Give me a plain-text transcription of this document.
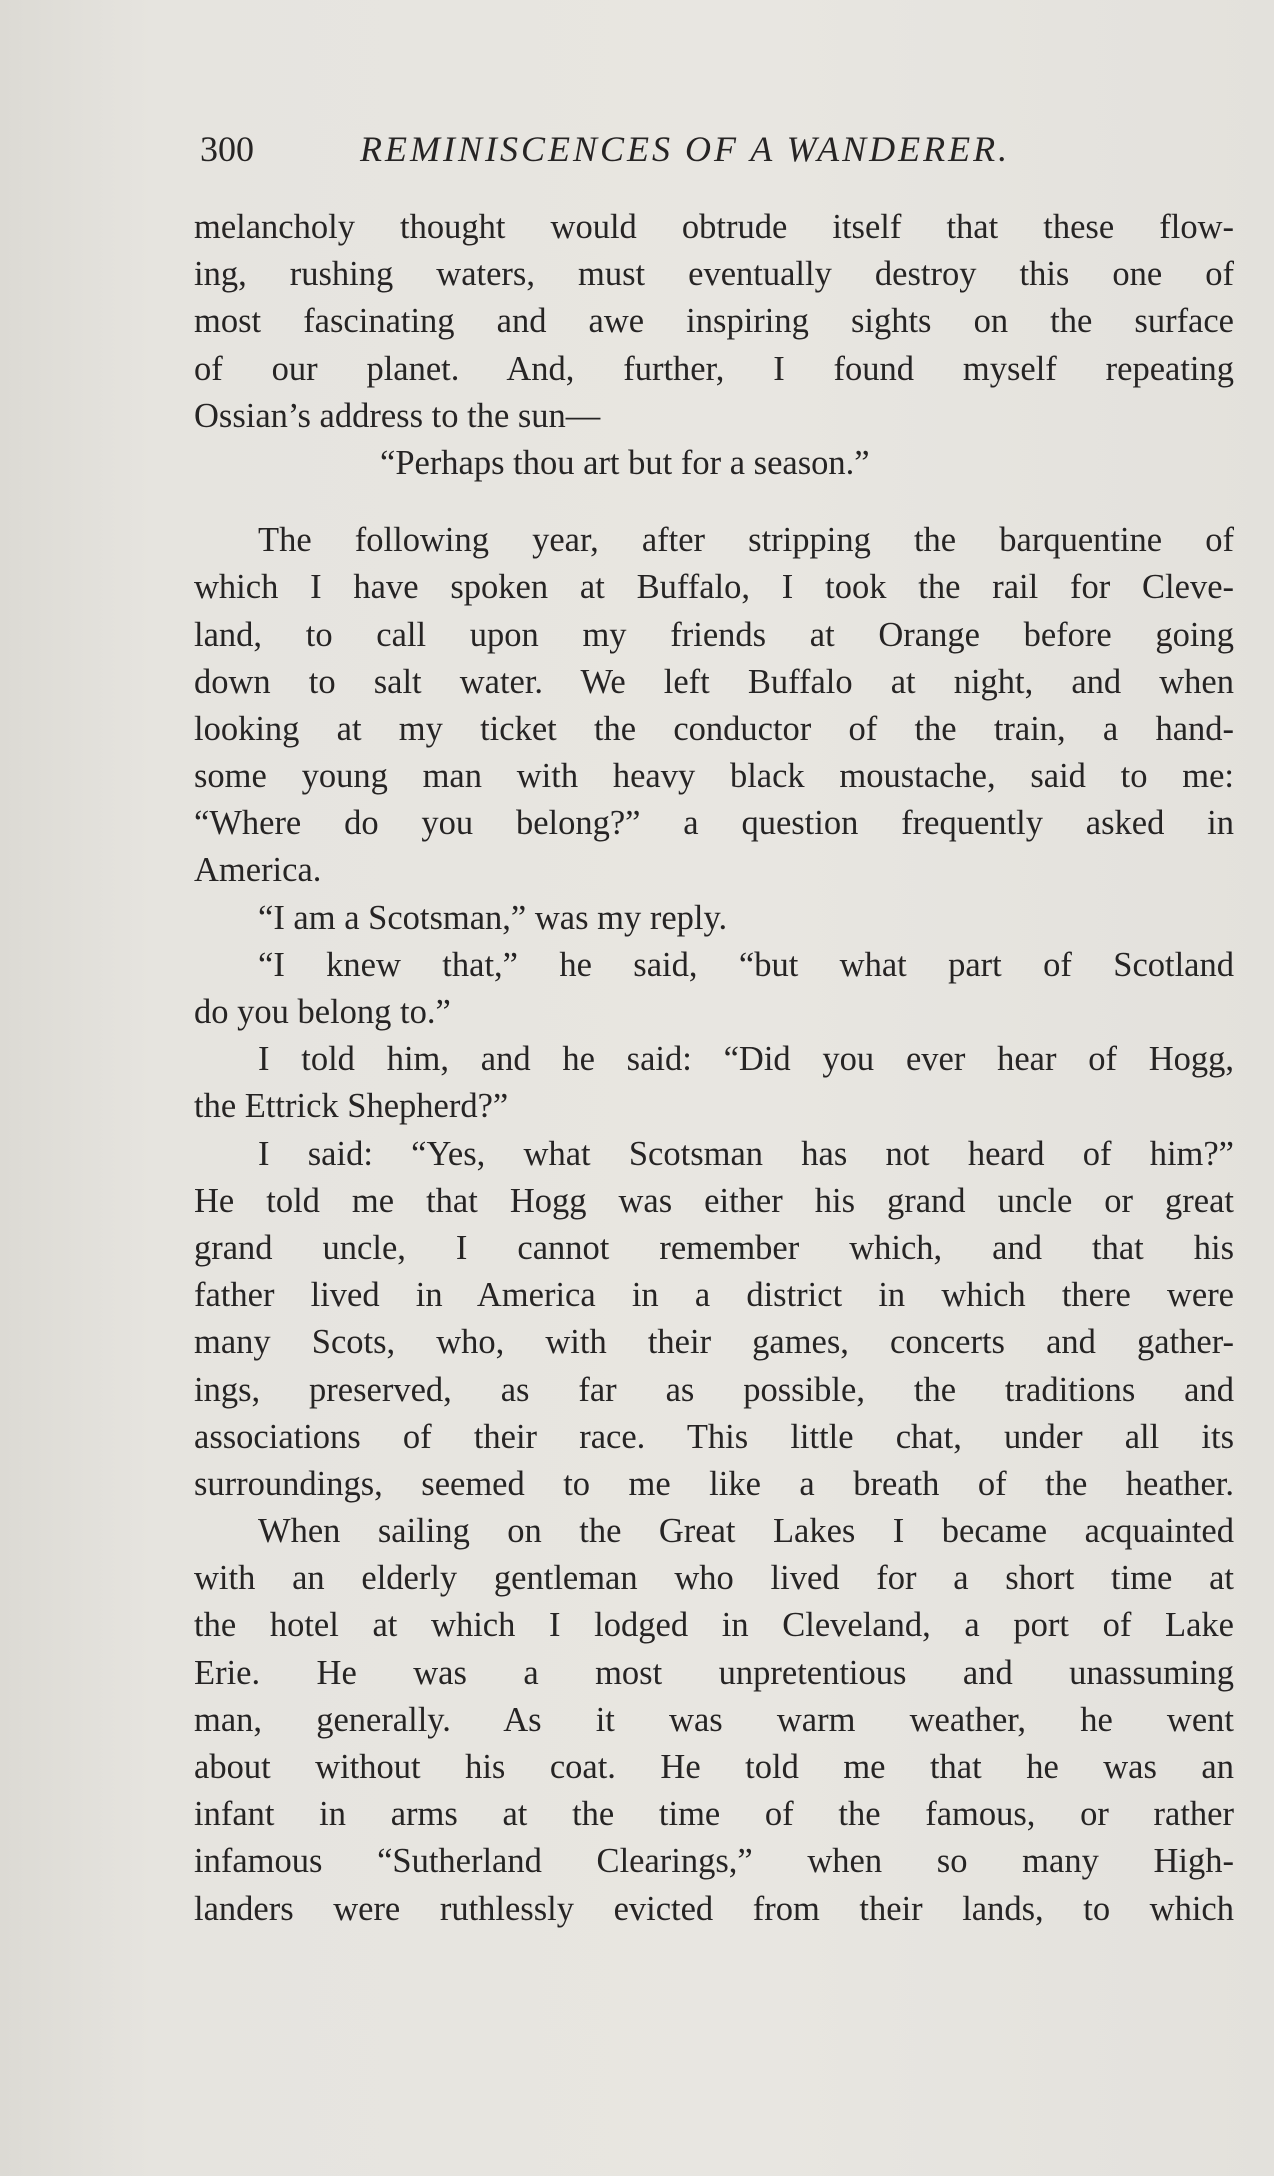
300	REMINISCENCES OF A WANDERER.
melancholy thought would obtrude itself that these flow-
ing, rushing waters, must eventually destroy this one of
most fascinating and awe inspiring sights on the surface
of our planet. And, further, I found myself repeating
Ossian’s address to the sun—
“Perhaps thou art but for a season.”
The following year, after stripping the barquentine of
which I have spoken at Buffalo, I took the rail for Cleve-
land, to call upon my friends at Orange before going
down to salt water. We left Buffalo at night, and when
looking at my ticket the conductor of the train, a hand-
some young man with heavy black moustache, said to me:
“Where do you belong?” a question frequently asked in
America.
“I am a Scotsman,” was my reply.
“I knew that,” he said, “but what part of Scotland
do you belong to.”
I told him, and he said: “Did you ever hear of Hogg,
the Ettrick Shepherd?”
I said: “Yes, what Scotsman has not heard of him?”
He told me that Hogg was either his grand uncle or great
grand uncle, I cannot remember which, and that his
father lived in America in a district in which there were
many Scots, who, with their games, concerts and gather-
ings, preserved, as far as possible, the traditions and
associations of their race. This little chat, under all its
surroundings, seemed to me like a breath of the heather.
When sailing on the Great Lakes I became acquainted
with an elderly gentleman who lived for a short time at
the hotel at which I lodged in Cleveland, a port of Lake
Erie. He was a most unpretentious and unassuming
man, generally. As it was warm weather, he went
about without his coat. He told me that he was an
infant in arms at the time of the famous, or rather
infamous “Sutherland Clearings,” when so many High-
landers were ruthlessly evicted from their lands, to which
